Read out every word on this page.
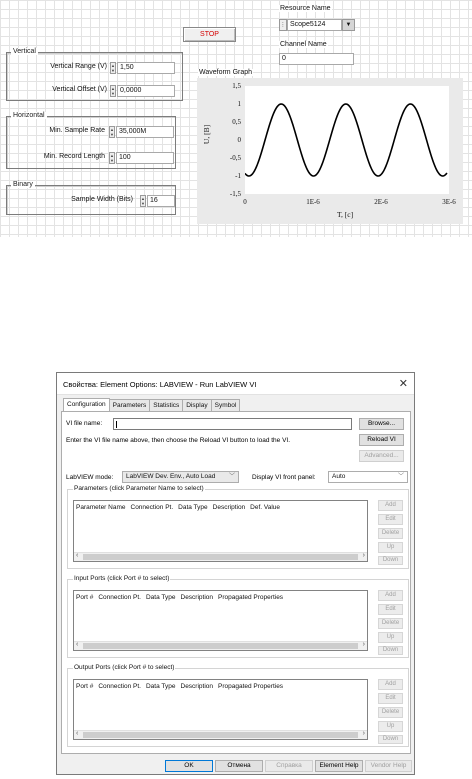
Vertical
Vertical Range (V) ▲
▼ 1,50
Vertical Offset (V) ▲
▼ 0,0000
Horizontal
Min. Sample Rate ▲
▼ 35,000M
Min. Record Length ▲
▼ 100
Binary
Sample Width (Bits) ▲
▼ 16
STOP
Resource Name
⋮ Scope5124	▼
Channel Name
0
Waveform Graph
1,5
1
0,5
0
-0,5
-1
-1,5
0	1E-6	2E-6	3E-6
U, [B]
T, [c]
Свойства: Element Options: LABVIEW - Run LabVIEW VI	✕
Configuration	Parameters	Statistics	Display	Symbol
VI file name:	Browse...
Enter the VI file name above, then choose the Reload VI button to load the VI.	Reload VI
Advanced...
LabVIEW mode:	LabVIEW Dev. Env., Auto Load ﹀	Display VI front panel:	Auto	﹀
Parameters (click Parameter Name to select)
Parameter Name Connection Pt. Data Type Description Def. Value
‹	›
Add
Edit
Delete
Up
Down
Input Ports (click Port # to select)
Port # Connection Pt. Data Type Description Propagated Properties
‹	›
Add
Edit
Delete
Up
Down
Output Ports (click Port # to select)
Port # Connection Pt. Data Type Description Propagated Properties
‹	›
Add
Edit
Delete
Up
Down
OK	Отмена	Справка	Element Help	Vendor Help
